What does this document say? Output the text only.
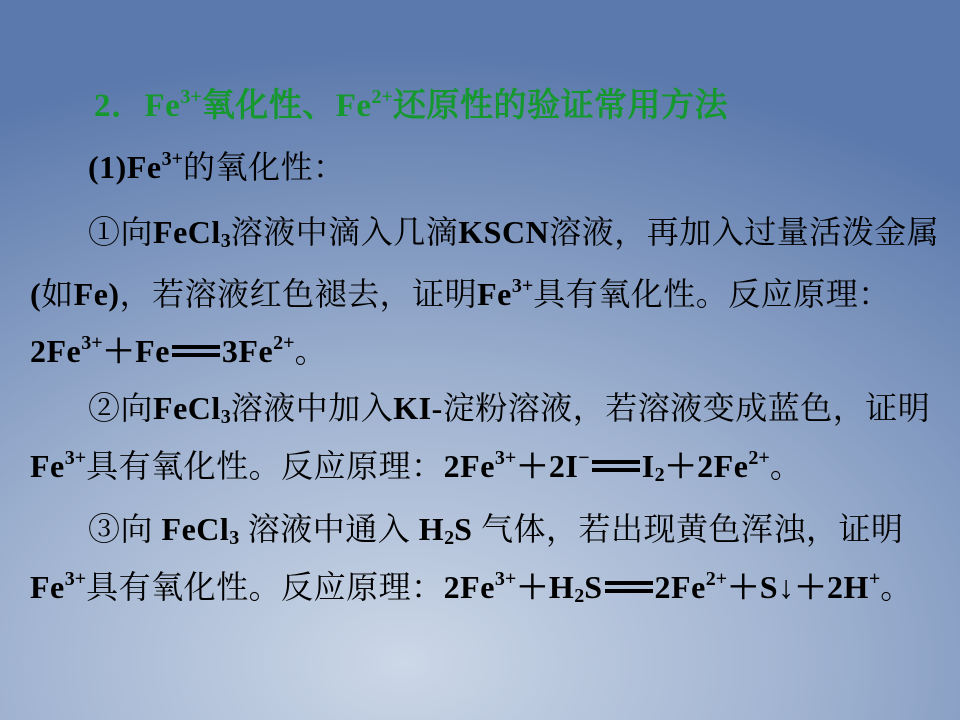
2．$Fe^{3+}$氧化性、$Fe^{2+}$还原性的验证常用方法
$(1)Fe^{3+}$的氧化性：
①向FeCl$_3$溶液中滴入几滴KSCN溶液，再加入过量活泼金属
(如Fe)，若溶液红色褪去，证明$Fe^{3+}$具有氧化性。反应原理：
$2Fe^{3+}+Fe$ $3Fe^{2+}$。
②向FeCl$_3$溶液中加入KI-淀粉溶液，若溶液变成蓝色，证明
$Fe^{3+}$具有氧化性。反应原理：$2Fe^{3+}+2I^-$ $I_2+2Fe^{2+}$。
③向 FeCl$_3$ 溶液中通入 $H_2S$ 气体，若出现黄色浑浊，证明
$Fe^{3+}$具有氧化性。反应原理：$2Fe^{3+}+H_2S$ $2Fe^{2+}+S↓+2H^+$。
